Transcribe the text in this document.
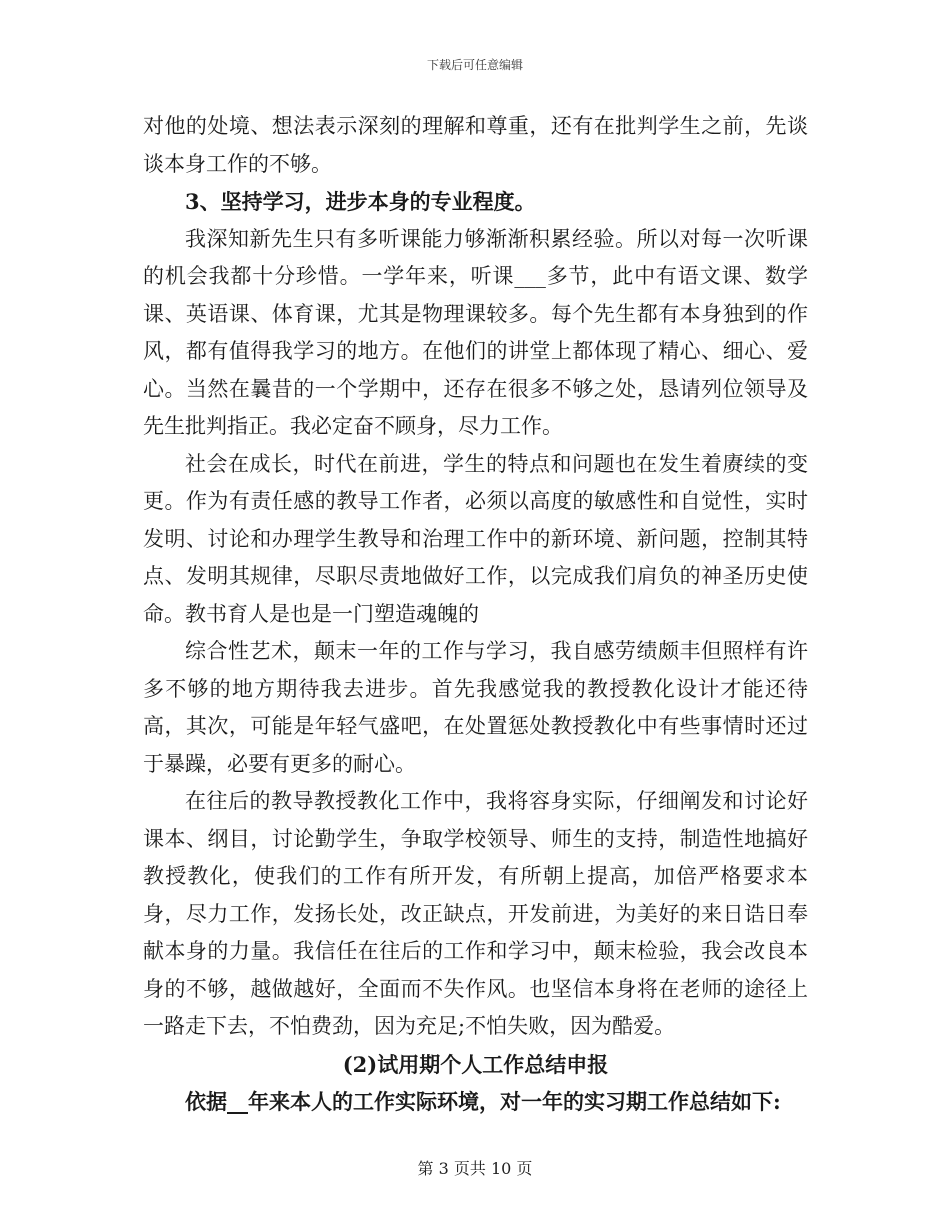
下载后可任意编辑

对他的处境、想法表示深刻的理解和尊重，还有在批判学生之前，先谈谈本身工作的不够。

3、坚持学习，进步本身的专业程度。

我深知新先生只有多听课能力够渐渐积累经验。所以对每一次听课的机会我都十分珍惜。一学年来，听课___多节，此中有语文课、数学课、英语课、体育课，尤其是物理课较多。每个先生都有本身独到的作风，都有值得我学习的地方。在他们的讲堂上都体现了精心、细心、爱心。当然在曩昔的一个学期中，还存在很多不够之处，恳请列位领导及先生批判指正。我必定奋不顾身，尽力工作。

社会在成长，时代在前进，学生的特点和问题也在发生着赓续的变更。作为有责任感的教导工作者，必须以高度的敏感性和自觉性，实时发明、讨论和办理学生教导和治理工作中的新环境、新问题，控制其特点、发明其规律，尽职尽责地做好工作，以完成我们肩负的神圣历史使命。教书育人是也是一门塑造魂魄的

综合性艺术，颠末一年的工作与学习，我自感劳绩颇丰但照样有许多不够的地方期待我去进步。首先我感觉我的教授教化设计才能还待高，其次，可能是年轻气盛吧，在处置惩处教授教化中有些事情时还过于暴躁，必要有更多的耐心。

在往后的教导教授教化工作中，我将容身实际，仔细阐发和讨论好课本、纲目，讨论勤学生，争取学校领导、师生的支持，制造性地搞好教授教化，使我们的工作有所开发，有所朝上提高，加倍严格要求本身，尽力工作，发扬长处，改正缺点，开发前进，为美好的来日诰日奉献本身的力量。我信任在往后的工作和学习中，颠末检验，我会改良本身的不够，越做越好，全面而不失作风。也坚信本身将在老师的途径上一路走下去，不怕费劲，因为充足;不怕失败，因为酷爱。

(2)试用期个人工作总结申报

依据__年来本人的工作实际环境，对一年的实习期工作总结如下:

第 3 页共 10 页
